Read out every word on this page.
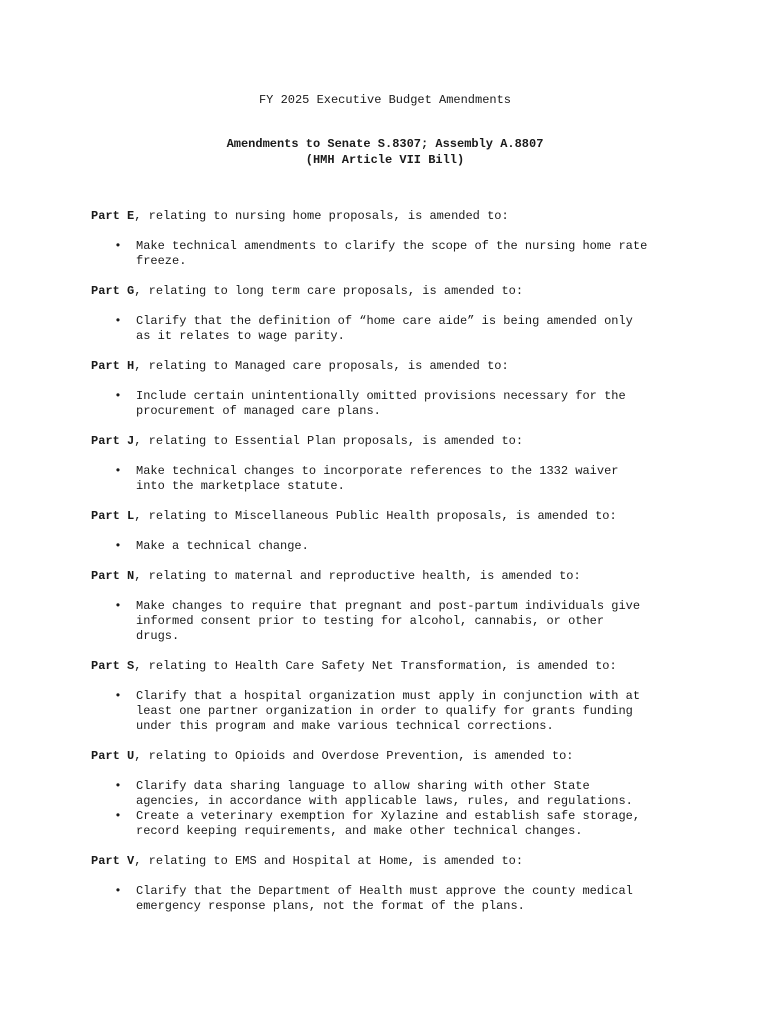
FY 2025 Executive Budget Amendments
Amendments to Senate S.8307; Assembly A.8807
(HMH Article VII Bill)
Part E, relating to nursing home proposals, is amended to:
• Make technical amendments to clarify the scope of the nursing home rate
freeze.
Part G, relating to long term care proposals, is amended to:
• Clarify that the definition of “home care aide” is being amended only
as it relates to wage parity.
Part H, relating to Managed care proposals, is amended to:
• Include certain unintentionally omitted provisions necessary for the
procurement of managed care plans.
Part J, relating to Essential Plan proposals, is amended to:
• Make technical changes to incorporate references to the 1332 waiver
into the marketplace statute.
Part L, relating to Miscellaneous Public Health proposals, is amended to:
• Make a technical change.
Part N, relating to maternal and reproductive health, is amended to:
• Make changes to require that pregnant and post-partum individuals give
informed consent prior to testing for alcohol, cannabis, or other
drugs.
Part S, relating to Health Care Safety Net Transformation, is amended to:
• Clarify that a hospital organization must apply in conjunction with at
least one partner organization in order to qualify for grants funding
under this program and make various technical corrections.
Part U, relating to Opioids and Overdose Prevention, is amended to:
• Clarify data sharing language to allow sharing with other State
agencies, in accordance with applicable laws, rules, and regulations.
• Create a veterinary exemption for Xylazine and establish safe storage,
record keeping requirements, and make other technical changes.
Part V, relating to EMS and Hospital at Home, is amended to:
• Clarify that the Department of Health must approve the county medical
emergency response plans, not the format of the plans.
